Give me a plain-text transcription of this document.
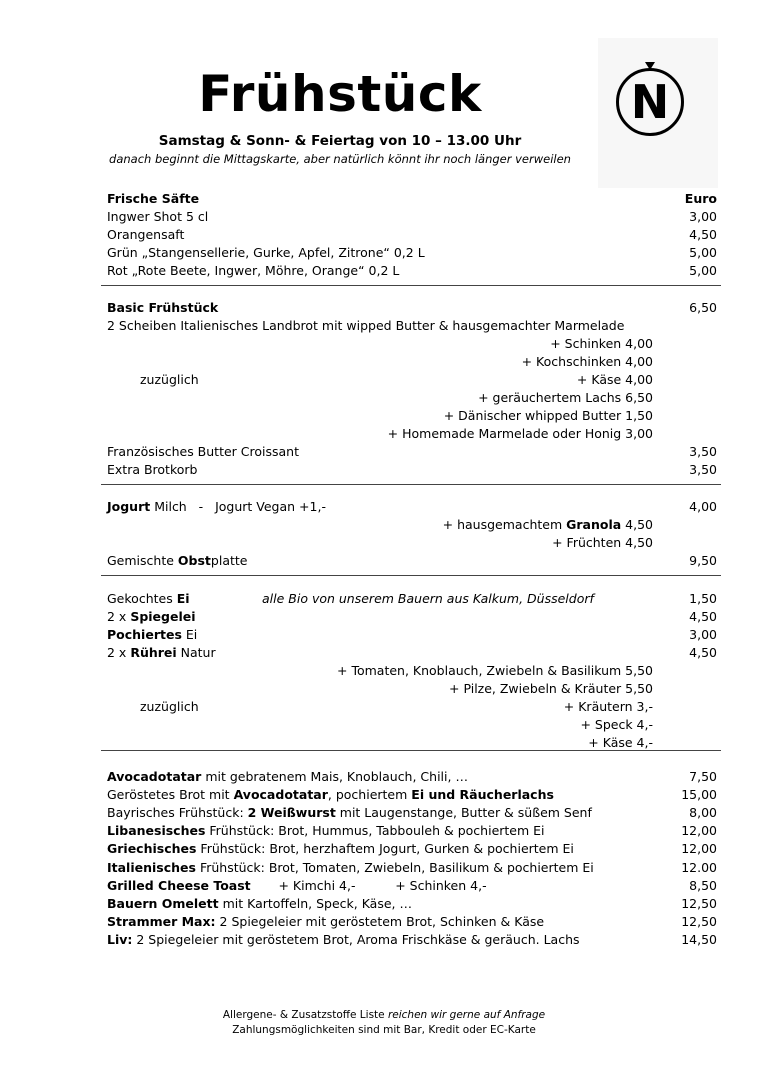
Frühstück
Samstag & Sonn- & Feiertag von 10 – 13.00 Uhr
danach beginnt die Mittagskarte, aber natürlich könnt ihr noch länger verweilen
N
Frische Säfte	Euro
Ingwer Shot 5 cl	3,00
Orangensaft	4,50
Grün „Stangensellerie, Gurke, Apfel, Zitrone“ 0,2 L	5,00
Rot „Rote Beete, Ingwer, Möhre, Orange“ 0,2 L	5,00
Basic Frühstück	6,50
2 Scheiben Italienisches Landbrot mit wipped Butter & hausgemachter Marmelade
+ Schinken 4,00
+ Kochschinken 4,00
zuzüglich	+ Käse 4,00
+ geräuchertem Lachs 6,50
+ Dänischer whipped Butter 1,50
+ Homemade Marmelade oder Honig 3,00
Französisches Butter Croissant	3,50
Extra Brotkorb	3,50
Jogurt Milch   -   Jogurt Vegan +1,-	4,00
+ hausgemachtem Granola 4,50
+ Früchten 4,50
Gemischte Obstplatte	9,50
Gekochtes Ei	alle Bio von unserem Bauern aus Kalkum, Düsseldorf	1,50
2 x Spiegelei	4,50
Pochiertes Ei	3,00
2 x Rührei Natur	4,50
+ Tomaten, Knoblauch, Zwiebeln & Basilikum 5,50
+ Pilze, Zwiebeln & Kräuter 5,50
zuzüglich	+ Kräutern 3,-
+ Speck 4,-
+ Käse 4,-
Avocadotatar mit gebratenem Mais, Knoblauch, Chili, …	7,50
Geröstetes Brot mit Avocadotatar, pochiertem Ei und Räucherlachs	15,00
Bayrisches Frühstück: 2 Weißwurst mit Laugenstange, Butter & süßem Senf	8,00
Libanesisches Frühstück: Brot, Hummus, Tabbouleh & pochiertem Ei	12,00
Griechisches Frühstück: Brot, herzhaftem Jogurt, Gurken & pochiertem Ei	12,00
Italienisches Frühstück: Brot, Tomaten, Zwiebeln, Basilikum & pochiertem Ei	12.00
Grilled Cheese Toast       + Kimchi 4,-          + Schinken 4,-	8,50
Bauern Omelett mit Kartoffeln, Speck, Käse, …	12,50
Strammer Max: 2 Spiegeleier mit geröstetem Brot, Schinken & Käse	12,50
Liv: 2 Spiegeleier mit geröstetem Brot, Aroma Frischkäse & geräuch. Lachs	14,50
Allergene- & Zusatzstoffe Liste reichen wir gerne auf Anfrage
Zahlungsmöglichkeiten sind mit Bar, Kredit oder EC-Karte
